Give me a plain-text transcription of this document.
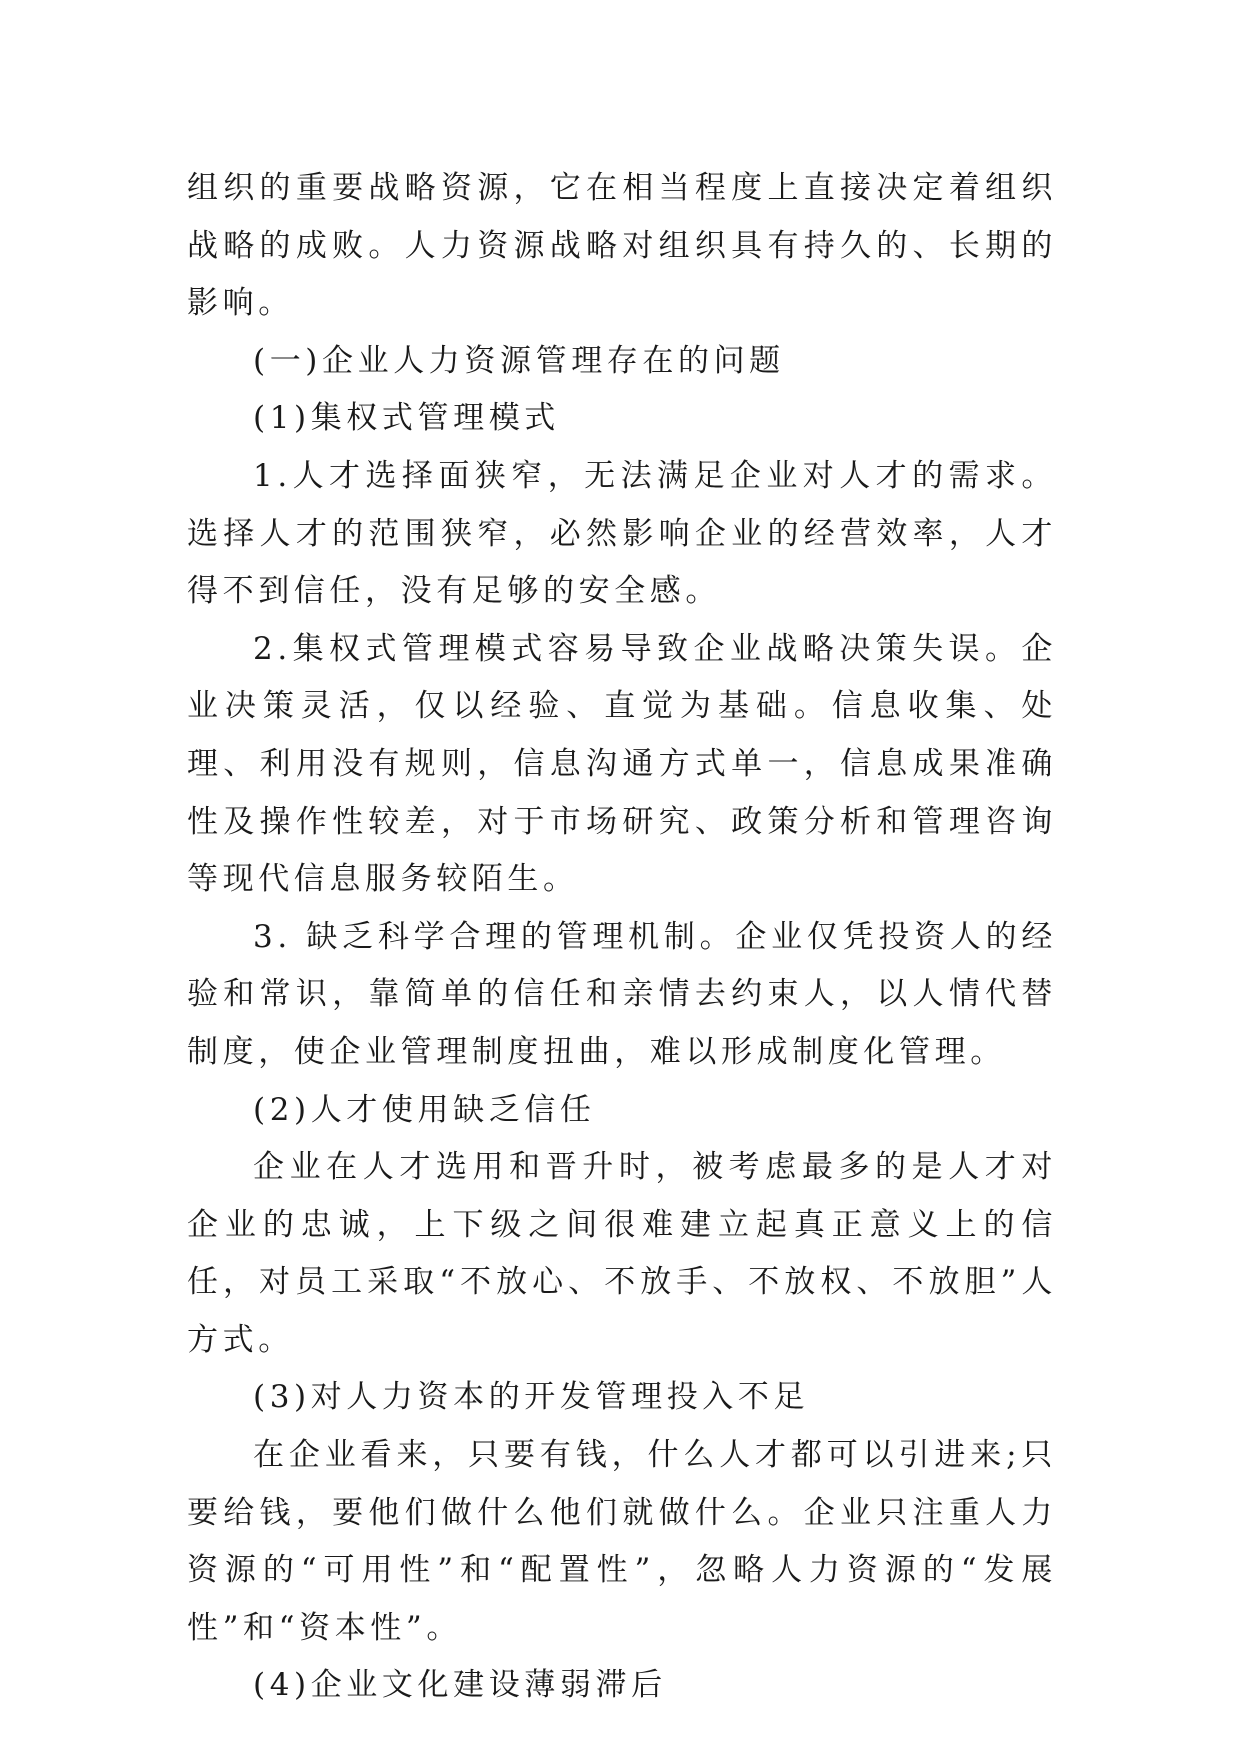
组织的重要战略资源，它在相当程度上直接决定着组织战略的成败。人力资源战略对组织具有持久的、长期的影响。

(一)企业人力资源管理存在的问题

(1)集权式管理模式

1.人才选择面狭窄，无法满足企业对人才的需求。选择人才的范围狭窄，必然影响企业的经营效率，人才得不到信任，没有足够的安全感。

2.集权式管理模式容易导致企业战略决策失误。企业决策灵活，仅以经验、直觉为基础。信息收集、处理、利用没有规则，信息沟通方式单一，信息成果准确性及操作性较差，对于市场研究、政策分析和管理咨询等现代信息服务较陌生。

3. 缺乏科学合理的管理机制。企业仅凭投资人的经验和常识，靠简单的信任和亲情去约束人，以人情代替制度，使企业管理制度扭曲，难以形成制度化管理。

(2)人才使用缺乏信任

企业在人才选用和晋升时，被考虑最多的是人才对企业的忠诚，上下级之间很难建立起真正意义上的信任，对员工采取“不放心、不放手、不放权、不放胆”人方式。

(3)对人力资本的开发管理投入不足

在企业看来，只要有钱，什么人才都可以引进来;只要给钱，要他们做什么他们就做什么。企业只注重人力资源的“可用性”和“配置性”，忽略人力资源的“发展性”和“资本性”。

(4)企业文化建设薄弱滞后
